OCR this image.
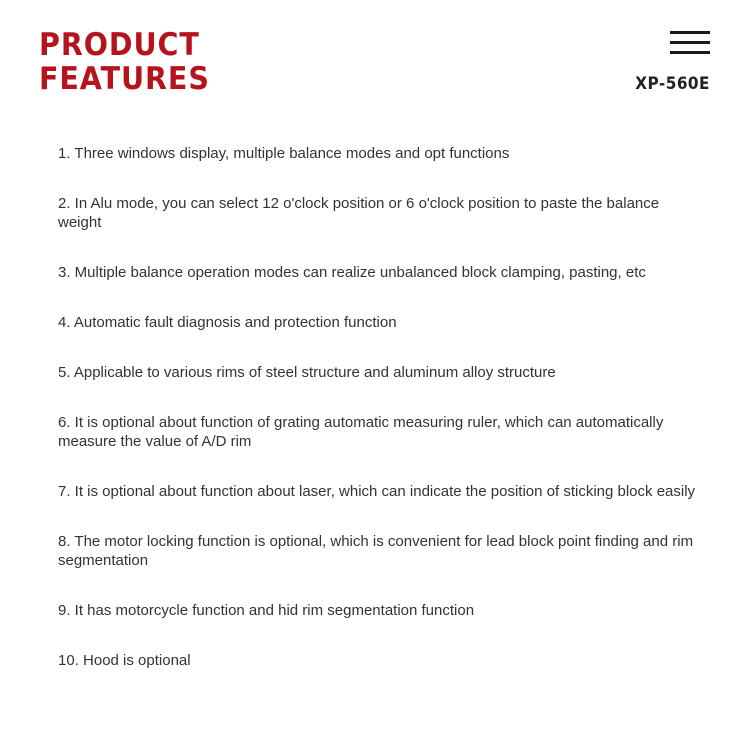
PRODUCT
FEATURES	XP-560E
1. Three windows display, multiple balance modes and opt functions
2. In Alu mode, you can select 12 o'clock position or 6 o'clock position to paste the balance weight
3. Multiple balance operation modes can realize unbalanced block clamping, pasting, etc
4. Automatic fault diagnosis and protection function
5. Applicable to various rims of steel structure and aluminum alloy structure
6. It is optional about function of grating automatic measuring ruler, which can automatically measure the value of A/D rim
7. It is optional about function about laser, which can indicate the position of sticking block easily
8. The motor locking function is optional, which is convenient for lead block point finding and rim segmentation
9. It has motorcycle function and hid rim segmentation function
10. Hood is optional
